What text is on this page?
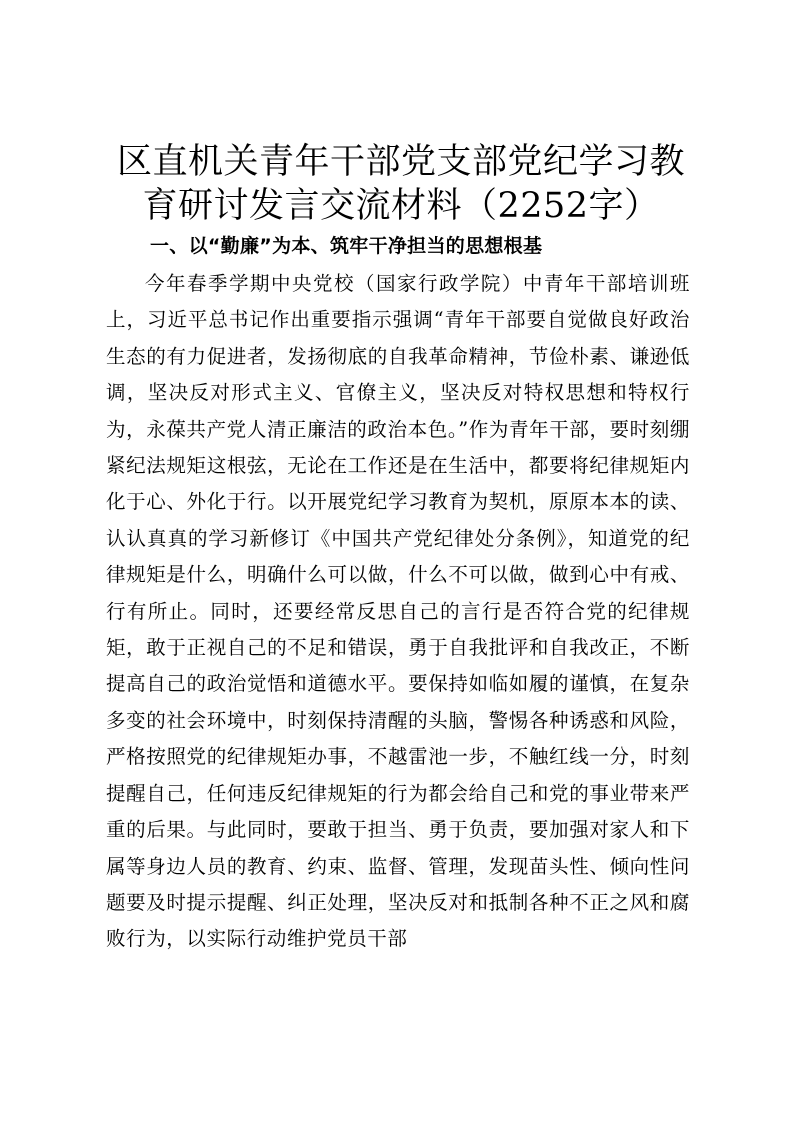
区直机关青年干部党支部党纪学习教育研讨发言交流材料（2252字）
一、以“勤廉”为本、筑牢干净担当的思想根基

今年春季学期中央党校（国家行政学院）中青年干部培训班上，习近平总书记作出重要指示强调“青年干部要自觉做良好政治生态的有力促进者，发扬彻底的自我革命精神，节俭朴素、谦逊低调，坚决反对形式主义、官僚主义，坚决反对特权思想和特权行为，永葆共产党人清正廉洁的政治本色。”作为青年干部，要时刻绷紧纪法规矩这根弦，无论在工作还是在生活中，都要将纪律规矩内化于心、外化于行。以开展党纪学习教育为契机，原原本本的读、认认真真的学习新修订《中国共产党纪律处分条例》，知道党的纪律规矩是什么，明确什么可以做，什么不可以做，做到心中有戒、行有所止。同时，还要经常反思自己的言行是否符合党的纪律规矩，敢于正视自己的不足和错误，勇于自我批评和自我改正，不断提高自己的政治觉悟和道德水平。要保持如临如履的谨慎，在复杂多变的社会环境中，时刻保持清醒的头脑，警惕各种诱惑和风险，严格按照党的纪律规矩办事，不越雷池一步，不触红线一分，时刻提醒自己，任何违反纪律规矩的行为都会给自己和党的事业带来严重的后果。与此同时，要敢于担当、勇于负责，要加强对家人和下属等身边人员的教育、约束、监督、管理，发现苗头性、倾向性问题要及时提示提醒、纠正处理，坚决反对和抵制各种不正之风和腐败行为，以实际行动维护党员干部
